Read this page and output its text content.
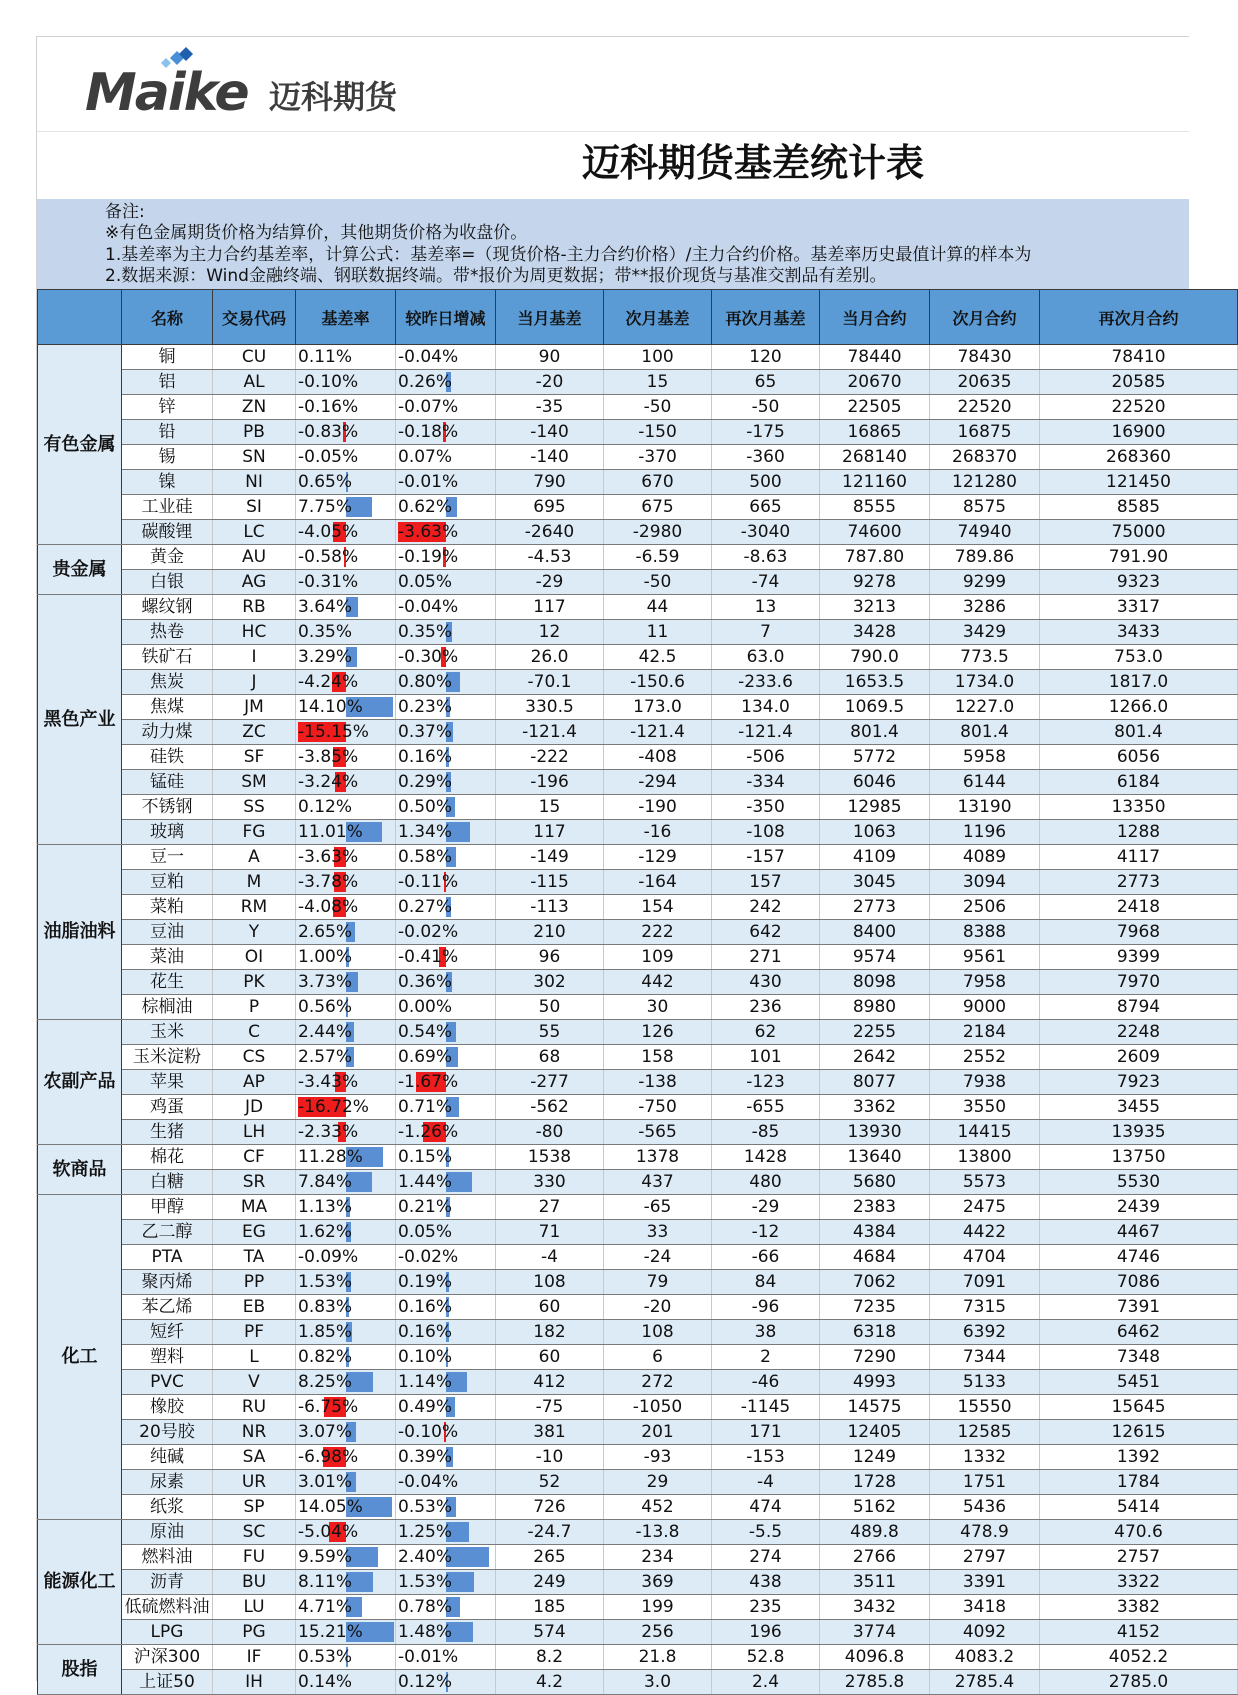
Maike 迈科期货
迈科期货基差统计表
备注:
※有色金属期货价格为结算价，其他期货价格为收盘价。
1.基差率为主力合约基差率，计算公式：基差率=（现货价格-主力合约价格）/主力合约价格。基差率历史最值计算的样本为
2.数据来源：Wind金融终端、钢联数据终端。带*报价为周更数据；带**报价现货与基准交割品有差别。
	名称	交易代码	基差率	较昨日增减	当月基差	次月基差	再次月基差	当月合约	次月合约	再次月合约
有色金属	铜	CU	0.11%	-0.04%	90	100	120	78440	78430	78410
	铝	AL	-0.10%	0.26%	-20	15	65	20670	20635	20585
	锌	ZN	-0.16%	-0.07%	-35	-50	-50	22505	22520	22520
	铅	PB	-0.83%	-0.18%	-140	-150	-175	16865	16875	16900
	锡	SN	-0.05%	0.07%	-140	-370	-360	268140	268370	268360
	镍	NI	0.65%	-0.01%	790	670	500	121160	121280	121450
	工业硅	SI	7.75%	0.62%	695	675	665	8555	8575	8585
	碳酸锂	LC	-4.05%	-3.63%	-2640	-2980	-3040	74600	74940	75000
贵金属	黄金	AU	-0.58%	-0.19%	-4.53	-6.59	-8.63	787.80	789.86	791.90
	白银	AG	-0.31%	0.05%	-29	-50	-74	9278	9299	9323
黑色产业	螺纹钢	RB	3.64%	-0.04%	117	44	13	3213	3286	3317
	热卷	HC	0.35%	0.35%	12	11	7	3428	3429	3433
	铁矿石	I	3.29%	-0.30%	26.0	42.5	63.0	790.0	773.5	753.0
	焦炭	J	-4.24%	0.80%	-70.1	-150.6	-233.6	1653.5	1734.0	1817.0
	焦煤	JM	14.10%	0.23%	330.5	173.0	134.0	1069.5	1227.0	1266.0
	动力煤	ZC	-15.15%	0.37%	-121.4	-121.4	-121.4	801.4	801.4	801.4
	硅铁	SF	-3.85%	0.16%	-222	-408	-506	5772	5958	6056
	锰硅	SM	-3.24%	0.29%	-196	-294	-334	6046	6144	6184
	不锈钢	SS	0.12%	0.50%	15	-190	-350	12985	13190	13350
	玻璃	FG	11.01%	1.34%	117	-16	-108	1063	1196	1288
油脂油料	豆一	A	-3.63%	0.58%	-149	-129	-157	4109	4089	4117
	豆粕	M	-3.78%	-0.11%	-115	-164	157	3045	3094	2773
	菜粕	RM	-4.08%	0.27%	-113	154	242	2773	2506	2418
	豆油	Y	2.65%	-0.02%	210	222	642	8400	8388	7968
	菜油	OI	1.00%	-0.41%	96	109	271	9574	9561	9399
	花生	PK	3.73%	0.36%	302	442	430	8098	7958	7970
	棕榈油	P	0.56%	0.00%	50	30	236	8980	9000	8794
农副产品	玉米	C	2.44%	0.54%	55	126	62	2255	2184	2248
	玉米淀粉	CS	2.57%	0.69%	68	158	101	2642	2552	2609
	苹果	AP	-3.43%	-1.67%	-277	-138	-123	8077	7938	7923
	鸡蛋	JD	-16.72%	0.71%	-562	-750	-655	3362	3550	3455
	生猪	LH	-2.33%	-1.26%	-80	-565	-85	13930	14415	13935
软商品	棉花	CF	11.28%	0.15%	1538	1378	1428	13640	13800	13750
	白糖	SR	7.84%	1.44%	330	437	480	5680	5573	5530
化工	甲醇	MA	1.13%	0.21%	27	-65	-29	2383	2475	2439
	乙二醇	EG	1.62%	0.05%	71	33	-12	4384	4422	4467
	PTA	TA	-0.09%	-0.02%	-4	-24	-66	4684	4704	4746
	聚丙烯	PP	1.53%	0.19%	108	79	84	7062	7091	7086
	苯乙烯	EB	0.83%	0.16%	60	-20	-96	7235	7315	7391
	短纤	PF	1.85%	0.16%	182	108	38	6318	6392	6462
	塑料	L	0.82%	0.10%	60	6	2	7290	7344	7348
	PVC	V	8.25%	1.14%	412	272	-46	4993	5133	5451
	橡胶	RU	-6.75%	0.49%	-75	-1050	-1145	14575	15550	15645
	20号胶	NR	3.07%	-0.10%	381	201	171	12405	12585	12615
	纯碱	SA	-6.98%	0.39%	-10	-93	-153	1249	1332	1392
	尿素	UR	3.01%	-0.04%	52	29	-4	1728	1751	1784
	纸浆	SP	14.05%	0.53%	726	452	474	5162	5436	5414
能源化工	原油	SC	-5.04%	1.25%	-24.7	-13.8	-5.5	489.8	478.9	470.6
	燃料油	FU	9.59%	2.40%	265	234	274	2766	2797	2757
	沥青	BU	8.11%	1.53%	249	369	438	3511	3391	3322
	低硫燃料油	LU	4.71%	0.78%	185	199	235	3432	3418	3382
	LPG	PG	15.21%	1.48%	574	256	196	3774	4092	4152
股指	沪深300	IF	0.53%	-0.01%	8.2	21.8	52.8	4096.8	4083.2	4052.2
	上证50	IH	0.14%	0.12%	4.2	3.0	2.4	2785.8	2785.4	2785.0
